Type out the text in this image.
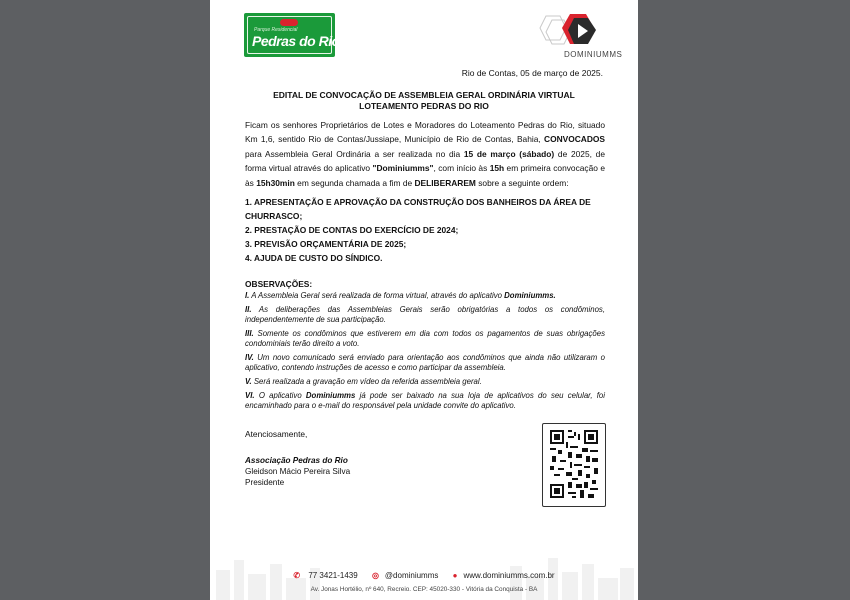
Parque Residencial
Pedras do Rio
DOMINIUMMS
Rio de Contas, 05 de março de 2025.
EDITAL DE CONVOCAÇÃO DE ASSEMBLEIA GERAL ORDINÁRIA VIRTUAL
LOTEAMENTO PEDRAS DO RIO
Ficam os senhores Proprietários de Lotes e Moradores do Loteamento Pedras do Rio, situado Km 1,6, sentido Rio de Contas/Jussiape, Município de Rio de Contas, Bahia, CONVOCADOS para Assembleia Geral Ordinária a ser realizada no dia 15 de março (sábado) de 2025, de forma virtual através do aplicativo "Dominiumms", com início às 15h em primeira convocação e às 15h30min em segunda chamada a fim de DELIBERAREM sobre a seguinte ordem:
1. APRESENTAÇÃO E APROVAÇÃO DA CONSTRUÇÃO DOS BANHEIROS DA ÁREA DE CHURRASCO;
2. PRESTAÇÃO DE CONTAS DO EXERCÍCIO DE 2024;
3. PREVISÃO ORÇAMENTÁRIA DE 2025;
4. AJUDA DE CUSTO DO SÍNDICO.
OBSERVAÇÕES:

I. A Assembleia Geral será realizada de forma virtual, através do aplicativo Dominiumms.

II. As deliberações das Assembleias Gerais serão obrigatórias a todos os condôminos, independentemente de sua participação.

III. Somente os condôminos que estiverem em dia com todos os pagamentos de suas obrigações condominiais terão direito a voto.

IV. Um novo comunicado será enviado para orientação aos condôminos que ainda não utilizaram o aplicativo, contendo instruções de acesso e como participar da assembleia.

V. Será realizada a gravação em vídeo da referida assembleia geral.

VI. O aplicativo Dominiumms já pode ser baixado na sua loja de aplicativos do seu celular, foi encaminhado para o e-mail do responsável pela unidade convite do aplicativo.

Atenciosamente,
Associação Pedras do Rio
Gleidson Mácio Pereira Silva
Presidente
✆ 77 3421-1439 ◎ @dominiumms ● www.dominiumms.com.br
Av. Jonas Hortélio, nº 640, Recreio. CEP: 45020-330 - Vitória da Conquista - BA
